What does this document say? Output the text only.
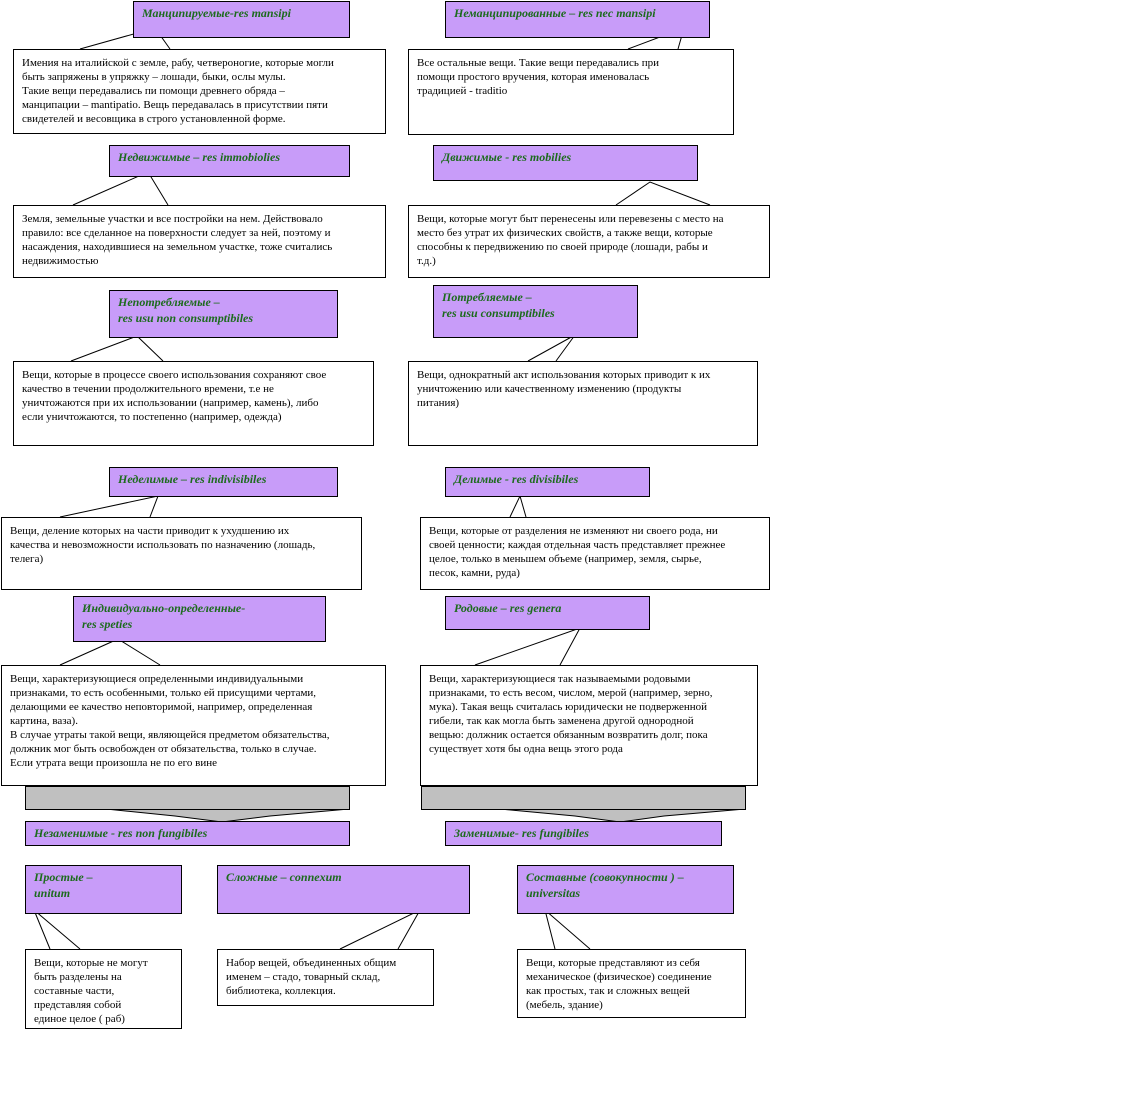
Манципируемые-res mansipi	Неманципированные – res nec mansipi
Имения на италийской с земле, рабу, четвероногие, которые могли
быть запряжены в упряжку – лошади, быки, ослы мулы.
Такие вещи передавались пи помощи древнего обряда –
манципации – mantipatio. Вещь передавалась в присутствии пяти
свидетелей и весовщика в строго установленной форме.
Все остальные вещи. Такие вещи передавались при
помощи простого вручения, которая именовалась
традицией - traditio
Недвижимые – res immobiolies	Движимые - res mobilies
Земля, земельные участки и все постройки на нем. Действовало
правило: все сделанное на поверхности следует за ней, поэтому и
насаждения, находившиеся на земельном участке, тоже считались
недвижимостью
Вещи, которые могут быт перенесены или перевезены с место на
место без утрат их физических свойств, а также вещи, которые
способны к передвижению по своей природе (лошади, рабы и
т.д.)
Непотребляемые –
res usu non consumptibiles
Потребляемые –
res usu consumptibiles
Вещи, которые в процессе своего использования сохраняют свое
качество в течении продолжительного времени, т.е не
уничтожаются при их использовании (например, камень), либо
если уничтожаются, то постепенно (например, одежда)
Вещи, однократный акт использования которых приводит к их
уничтожению или качественному изменению (продукты
питания)
Неделимые – res indivisibiles	Делимые - res divisibiles
Вещи, деление которых на части приводит к ухудшению их
качества и невозможности использовать по назначению (лошадь,
телега)
Вещи, которые от разделения не изменяют ни своего рода, ни
своей ценности; каждая отдельная часть представляет прежнее
целое, только в меньшем объеме (например, земля, сырье,
песок, камни, руда)
Индивидуально-определенные-
res speties
Родовые – res genera
Вещи, характеризующиеся определенными индивидуальными
признаками, то есть особенными, только ей присущими чертами,
делающими ее качество неповторимой, например, определенная
картина, ваза).
В случае утраты такой вещи, являющейся предметом обязательства,
должник мог быть освобожден от обязательства, только в случае.
Если утрата вещи произошла не по его вине
Вещи, характеризующиеся так называемыми родовыми
признаками, то есть весом, числом, мерой (например, зерно,
мука). Такая вещь считалась юридически не подверженной
гибели, так как могла быть заменена другой однородной
вещью: должник остается обязанным возвратить долг, пока
существует хотя бы одна вещь этого рода
Незаменимые - res non fungibiles	Заменимые- res fungibiles
Простые –
unitum
Сложные – connexum	Составные (совокупности ) –
universitas
Вещи, которые не могут
быть разделены на
составные части,
представляя собой
единое целое ( раб)
Набор вещей, объединенных общим
именем – стадо, товарный склад,
библиотека, коллекция.
Вещи, которые представляют из себя
механическое (физическое) соединение
как простых, так и сложных вещей
(мебель, здание)
